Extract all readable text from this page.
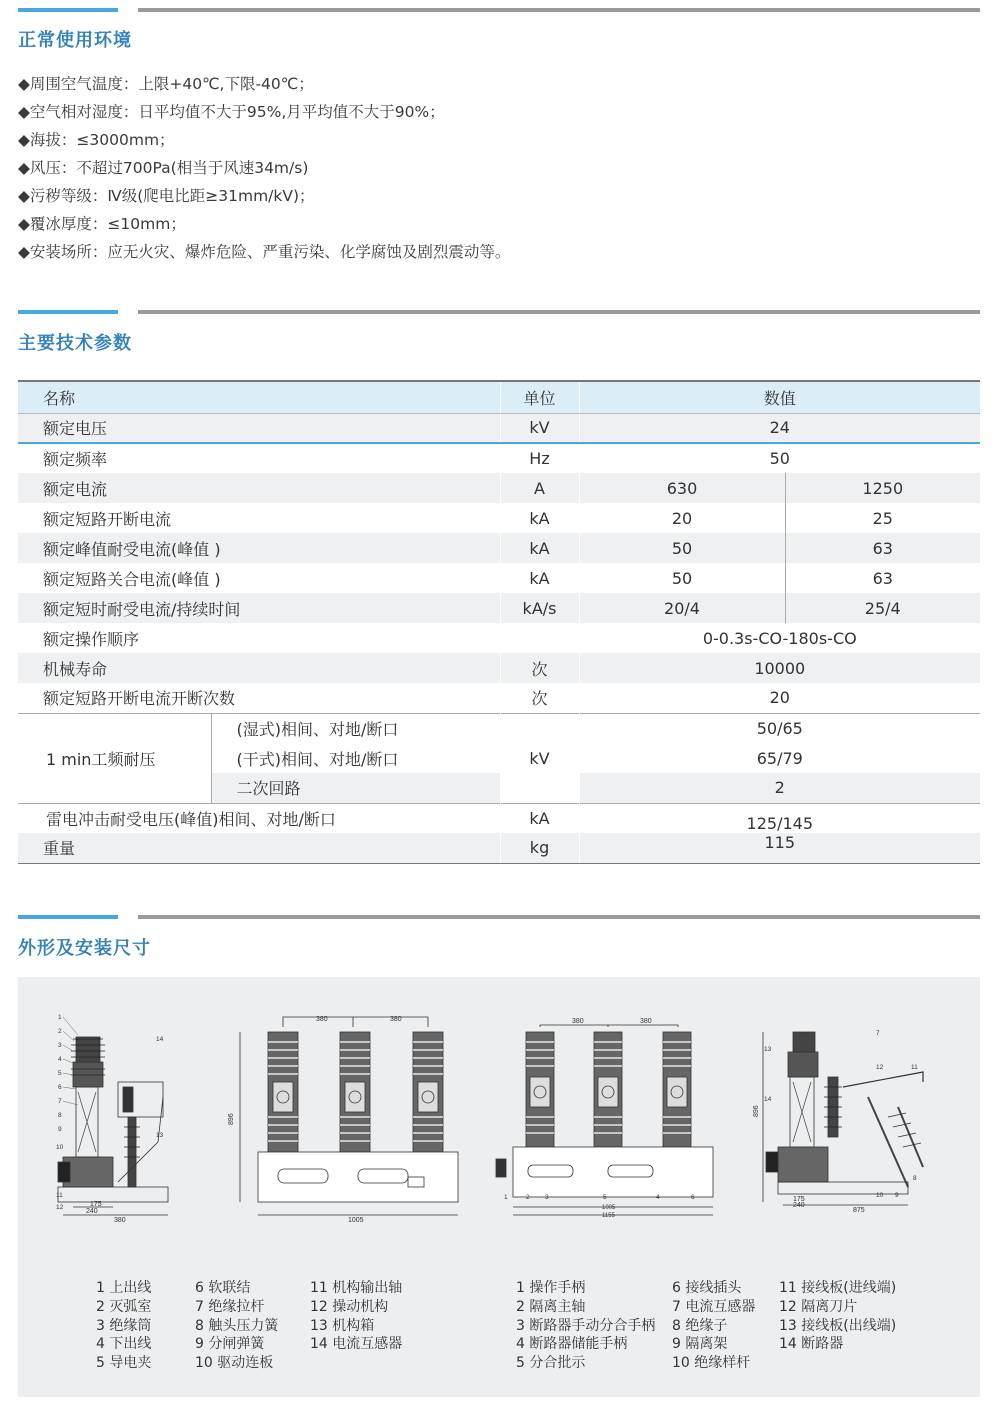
正常使用环境
◆周围空气温度：上限+40℃,下限-40℃；
◆空气相对湿度：日平均值不大于95%,月平均值不大于90%；
◆海拔：≤3000mm；
◆风压：不超过700Pa(相当于风速34m/s)
◆污秽等级：Ⅳ级(爬电比距≥31mm/kV)；
◆覆冰厚度：≤10mm；
◆安装场所：应无火灾、爆炸危险、严重污染、化学腐蚀及剧烈震动等。
主要技术参数
名称		单位	数值	
额定电压		kV	24	
额定频率		Hz	50	
额定电流		A	630	1250
额定短路开断电流		kA	20	25
额定峰值耐受电流(峰值 )		kA	50	63
额定短路关合电流(峰值 )		kA	50	63
额定短时耐受电流/持续时间		kA/s	20/4	25/4
额定操作顺序			0-0.3s-CO-180s-CO	
机械寿命		次	10000	
额定短路开断电流开断次数		次	20	
1 min工频耐压	(湿式)相间、对地/断口	kV	50/65	
	(干式)相间、对地/断口		65/79	
	二次回路		2	
雷电冲击耐受电压(峰值)相间、对地/断口		kA	125/145	
重量		kg	115	
外形及安装尺寸
175
240
380
1
2
3
4
5
6
7
8
9
10
11
12
14
13
380	380
896
1005
380	380
1005
1155
1	2 3	4
5	6
896
175
240
875
7
12	11
13
14
10 9
8
1 上出线
2 灭弧室
3 绝缘筒
4 下出线
5 导电夹
6 软联结
7 绝缘拉杆
8 触头压力簧
9 分闸弹簧
10 驱动连板
11 机构输出轴
12 操动机构
13 机构箱
14 电流互感器
1 操作手柄
2 隔离主轴
3 断路器手动分合手柄
4 断路器储能手柄
5 分合批示
6 接线插头
7 电流互感器
8 绝缘子
9 隔离架
10 绝缘样杆
11 接线板(进线端)
12 隔离刀片
13 接线板(出线端)
14 断路器
